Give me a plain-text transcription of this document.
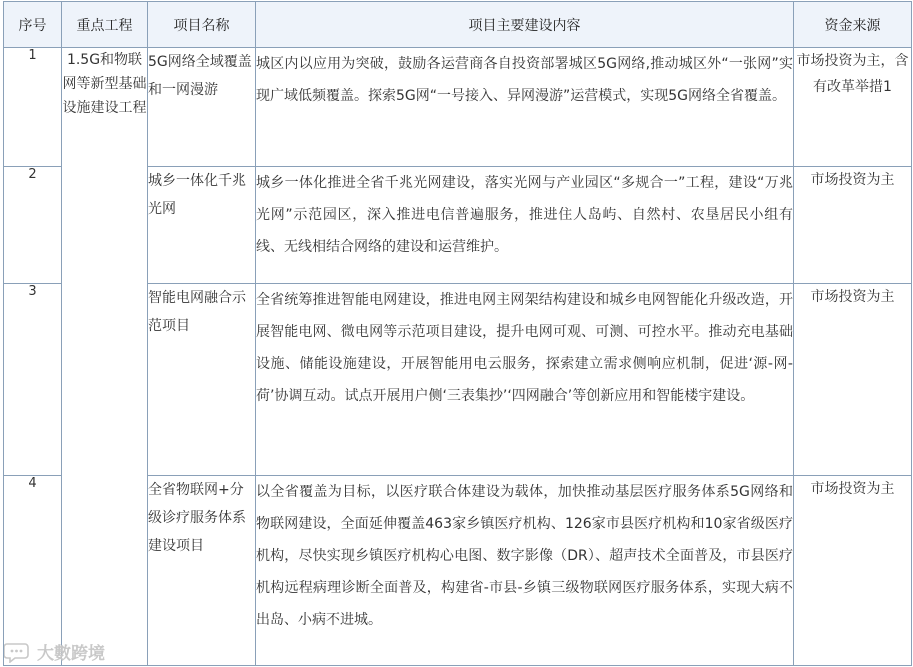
序号	重点工程	项目名称	项目主要建设内容	资金来源
1	1.5G和物联网等新型基础设施建设工程	5G网络全域覆盖和一网漫游	城区内以应用为突破，鼓励各运营商各自投资部署城区5G网络,推动城区外“一张网”实现广域低频覆盖。探索5G网“一号接入、异网漫游”运营模式，实现5G网络全省覆盖。	市场投资为主，含有改革举措1
2		城乡一体化千兆光网	城乡一体化推进全省千兆光网建设，落实光网与产业园区“多规合一”工程，建设“万兆光网”示范园区，深入推进电信普遍服务，推进住人岛屿、自然村、农垦居民小组有线、无线相结合网络的建设和运营维护。	市场投资为主
3		智能电网融合示范项目	全省统筹推进智能电网建设，推进电网主网架结构建设和城乡电网智能化升级改造，开展智能电网、微电网等示范项目建设，提升电网可观、可测、可控水平。推动充电基础设施、储能设施建设，开展智能用电云服务，探索建立需求侧响应机制，促进‘源-网-荷’协调互动。试点开展用户侧‘三表集抄’‘四网融合’等创新应用和智能楼宇建设。	市场投资为主
4		全省物联网+分级诊疗服务体系建设项目	以全省覆盖为目标，以医疗联合体建设为载体，加快推动基层医疗服务体系5G网络和物联网建设，全面延伸覆盖463家乡镇医疗机构、126家市县医疗机构和10家省级医疗机构，尽快实现乡镇医疗机构心电图、数字影像（DR）、超声技术全面普及，市县医疗机构远程病理诊断全面普及，构建省-市县-乡镇三级物联网医疗服务体系，实现大病不出岛、小病不进城。	市场投资为主
大數跨境
